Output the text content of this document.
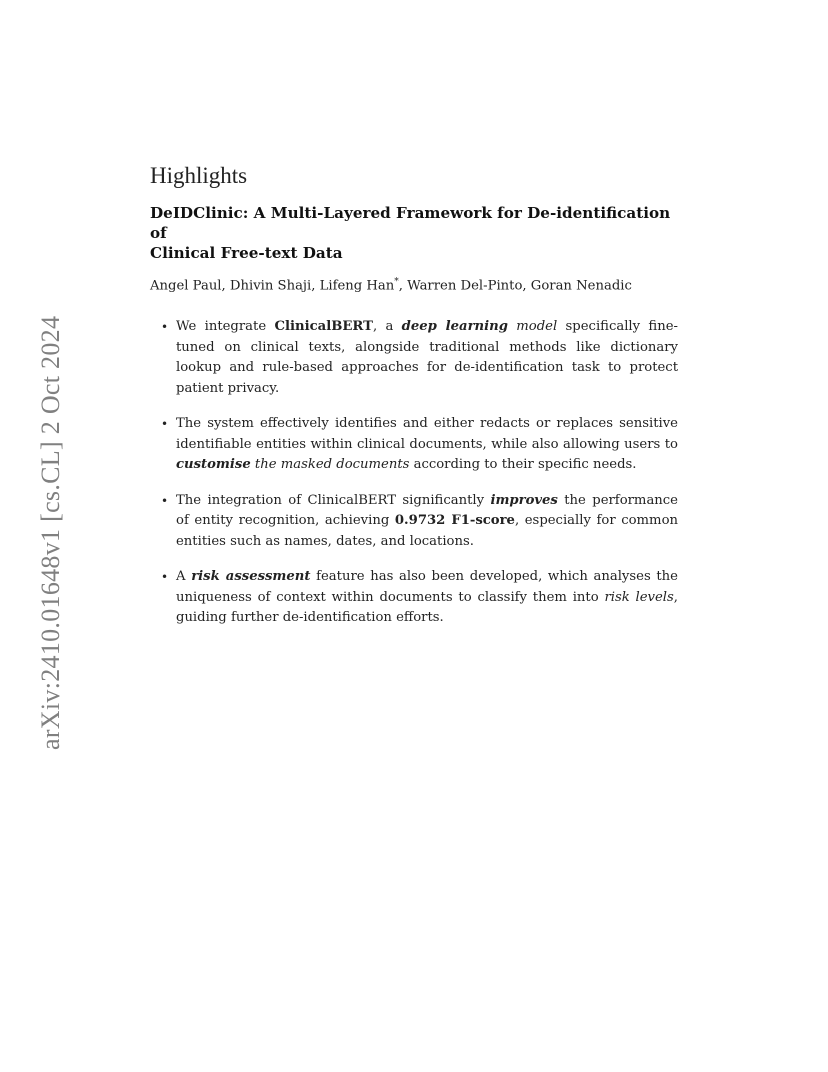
arXiv:2410.01648v1 [cs.CL] 2 Oct 2024
Highlights
DeIDClinic: A Multi-Layered Framework for De-identification of
Clinical Free-text Data
Angel Paul, Dhivin Shaji, Lifeng Han*, Warren Del-Pinto, Goran Nenadic
• We integrate ClinicalBERT, a deep learning model specifically fine-tuned on clinical texts, alongside traditional methods like dictionary lookup and rule-based approaches for de-identification task to protect patient privacy.
• The system effectively identifies and either redacts or replaces sensitive identifiable entities within clinical documents, while also allowing users to customise the masked documents according to their specific needs.
• The integration of ClinicalBERT significantly improves the performance of entity recognition, achieving 0.9732 F1-score, especially for common entities such as names, dates, and locations.
• A risk assessment feature has also been developed, which analyses the uniqueness of context within documents to classify them into risk levels, guiding further de-identification efforts.
